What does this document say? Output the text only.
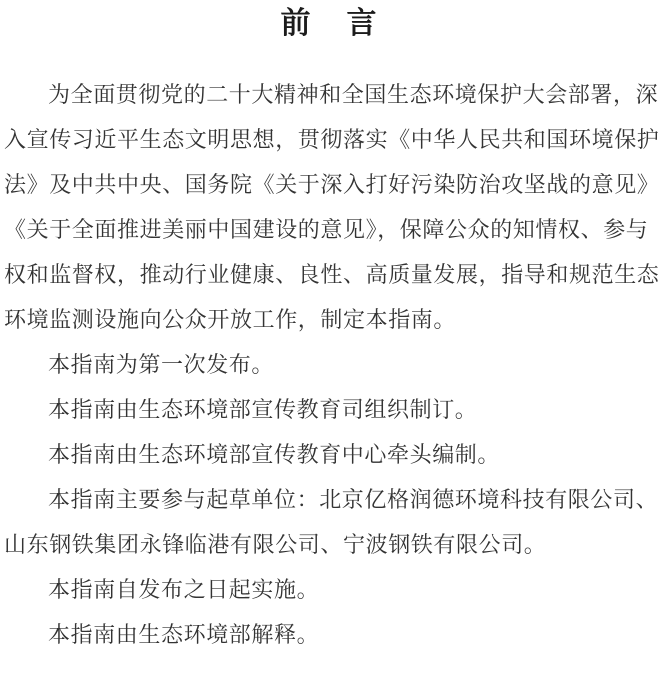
前　言
为全面贯彻党的二十大精神和全国生态环境保护大会部署，深
入宣传习近平生态文明思想，贯彻落实《中华人民共和国环境保护
法》及中共中央、国务院《关于深入打好污染防治攻坚战的意见》
《关于全面推进美丽中国建设的意见》，保障公众的知情权、参与
权和监督权，推动行业健康、良性、高质量发展，指导和规范生态
环境监测设施向公众开放工作，制定本指南。
本指南为第一次发布。
本指南由生态环境部宣传教育司组织制订。
本指南由生态环境部宣传教育中心牵头编制。
本指南主要参与起草单位：北京亿格润德环境科技有限公司、
山东钢铁集团永锋临港有限公司、宁波钢铁有限公司。
本指南自发布之日起实施。
本指南由生态环境部解释。
